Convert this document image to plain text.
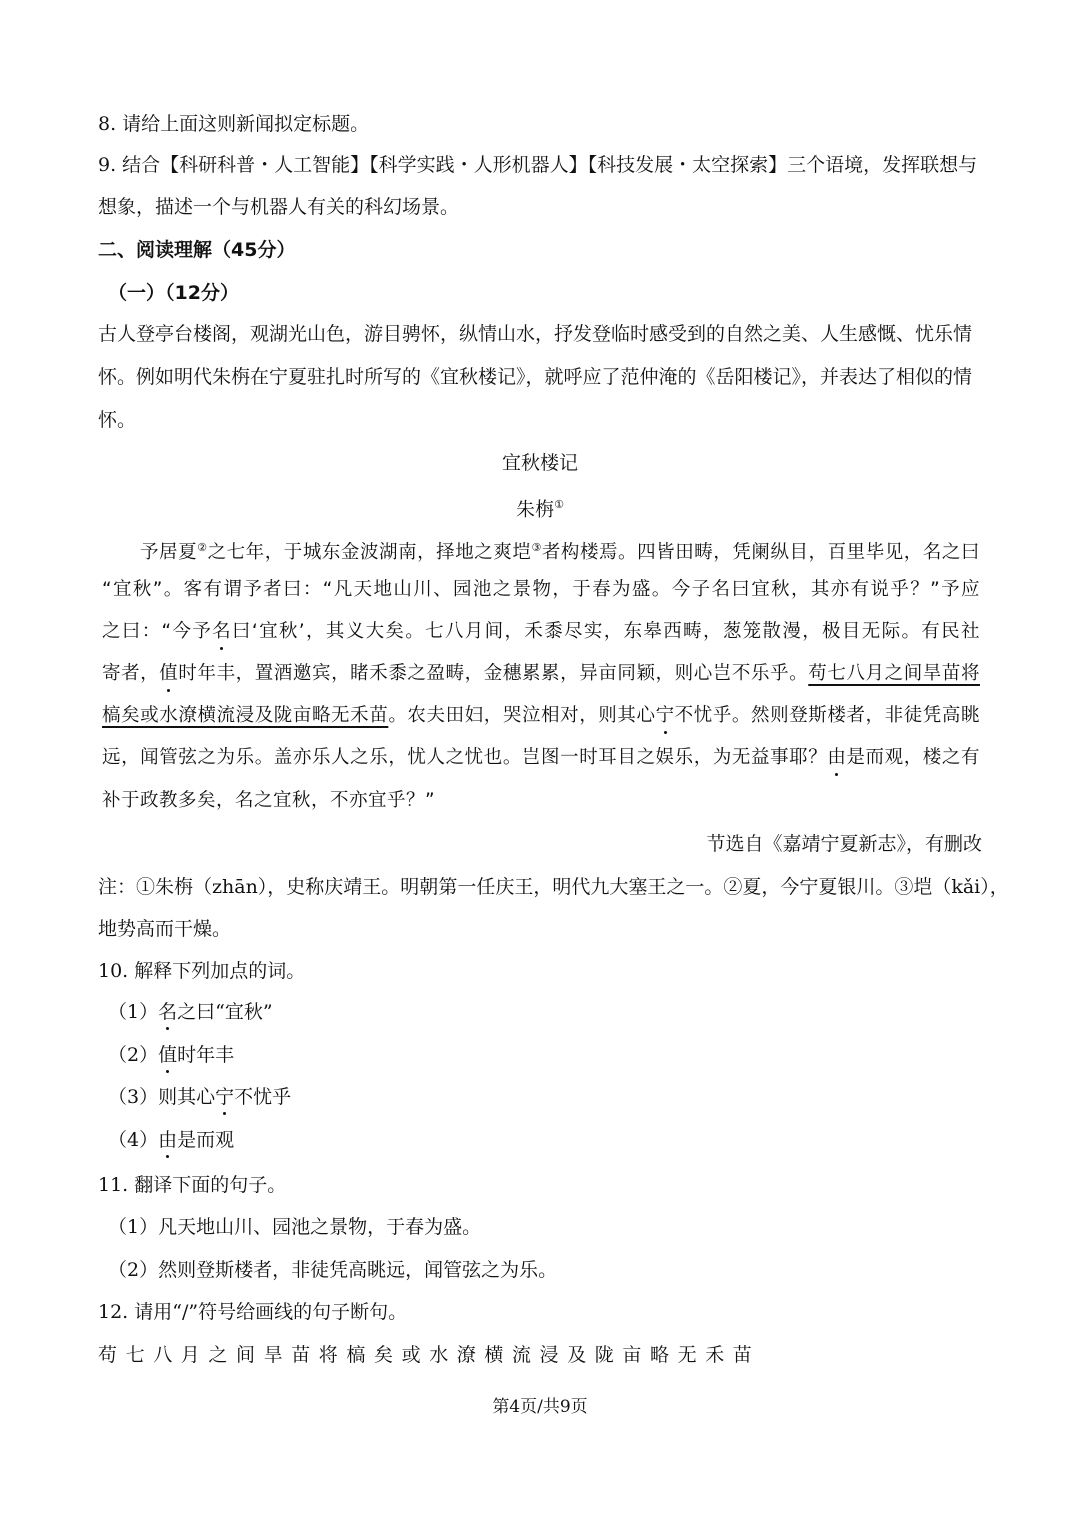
8. 请给上面这则新闻拟定标题。
9. 结合【科研科普・人工智能】【科学实践・人形机器人】【科技发展・太空探索】三个语境，发挥联想与
想象，描述一个与机器人有关的科幻场景。
二、阅读理解（45分）
（一）（12分）
古人登亭台楼阁，观湖光山色，游目骋怀，纵情山水，抒发登临时感受到的自然之美、人生感慨、忧乐情
怀。例如明代朱栴在宁夏驻扎时所写的《宜秋楼记》，就呼应了范仲淹的《岳阳楼记》，并表达了相似的情
怀。
宜秋楼记
朱栴①
予居夏②之七年，于城东金波湖南，择地之爽垲③者构楼焉。四皆田畴，凭阑纵目，百里毕见，名之曰
“宜秋”。客有谓予者曰：“凡天地山川、园池之景物，于春为盛。今子名曰宜秋，其亦有说乎？”予应
之曰：“今予名曰‘宜秋’，其义大矣。七八月间，禾黍尽实，东皋西畴，葱笼散漫，极目无际。有民社
寄者，值时年丰，置酒邀宾，睹禾黍之盈畴，金穗累累，异亩同颖，则心岂不乐乎。苟七八月之间旱苗将
槁矣或水潦横流浸及陇亩略无禾苗。农夫田妇，哭泣相对，则其心宁不忧乎。然则登斯楼者，非徒凭高眺
远，闻管弦之为乐。盖亦乐人之乐，忧人之忧也。岂图一时耳目之娱乐，为无益事耶？由是而观，楼之有
补于政教多矣，名之宜秋，不亦宜乎？”
节选自《嘉靖宁夏新志》，有删改
注：①朱栴（zhān），史称庆靖王。明朝第一任庆王，明代九大塞王之一。②夏，今宁夏银川。③垲（kǎi），
地势高而干燥。
10. 解释下列加点的词。
（1）名之曰“宜秋”
（2）值时年丰
（3）则其心宁不忧乎
（4）由是而观
11. 翻译下面的句子。
（1）凡天地山川、园池之景物，于春为盛。
（2）然则登斯楼者，非徒凭高眺远，闻管弦之为乐。
12. 请用“/”符号给画线的句子断句。
苟七八月之间旱苗将槁矣或水潦横流浸及陇亩略无禾苗
第4页/共9页
